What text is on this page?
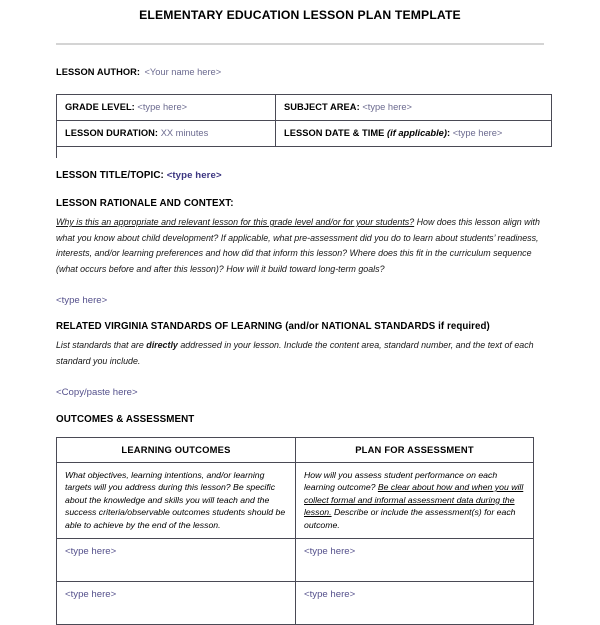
ELEMENTARY EDUCATION LESSON PLAN TEMPLATE
LESSON AUTHOR: <Your name here>
GRADE LEVEL: <type here>	SUBJECT AREA: <type here>
LESSON DURATION: XX minutes	LESSON DATE & TIME (if applicable): <type here>
LESSON TITLE/TOPIC: <type here>
LESSON RATIONALE AND CONTEXT:
Why is this an appropriate and relevant lesson for this grade level and/or for your students? How does this lesson align with what you know about child development? If applicable, what pre-assessment did you do to learn about students’ readiness, interests, and/or learning preferences and how did that inform this lesson? Where does this fit in the curriculum sequence (what occurs before and after this lesson)? How will it build toward long-term goals?
<type here>
RELATED VIRGINIA STANDARDS OF LEARNING (and/or NATIONAL STANDARDS if required)
List standards that are directly addressed in your lesson. Include the content area, standard number, and the text of each standard you include.
<Copy/paste here>
OUTCOMES & ASSESSMENT
LEARNING OUTCOMES	PLAN FOR ASSESSMENT
What objectives, learning intentions, and/or learning targets will you address during this lesson? Be specific about the knowledge and skills you will teach and the success criteria/observable outcomes students should be able to achieve by the end of the lesson.	How will you assess student performance on each learning outcome? Be clear about how and when you will collect formal and informal assessment data during the lesson. Describe or include the assessment(s) for each outcome.
<type here>	<type here>
<type here>	<type here>
